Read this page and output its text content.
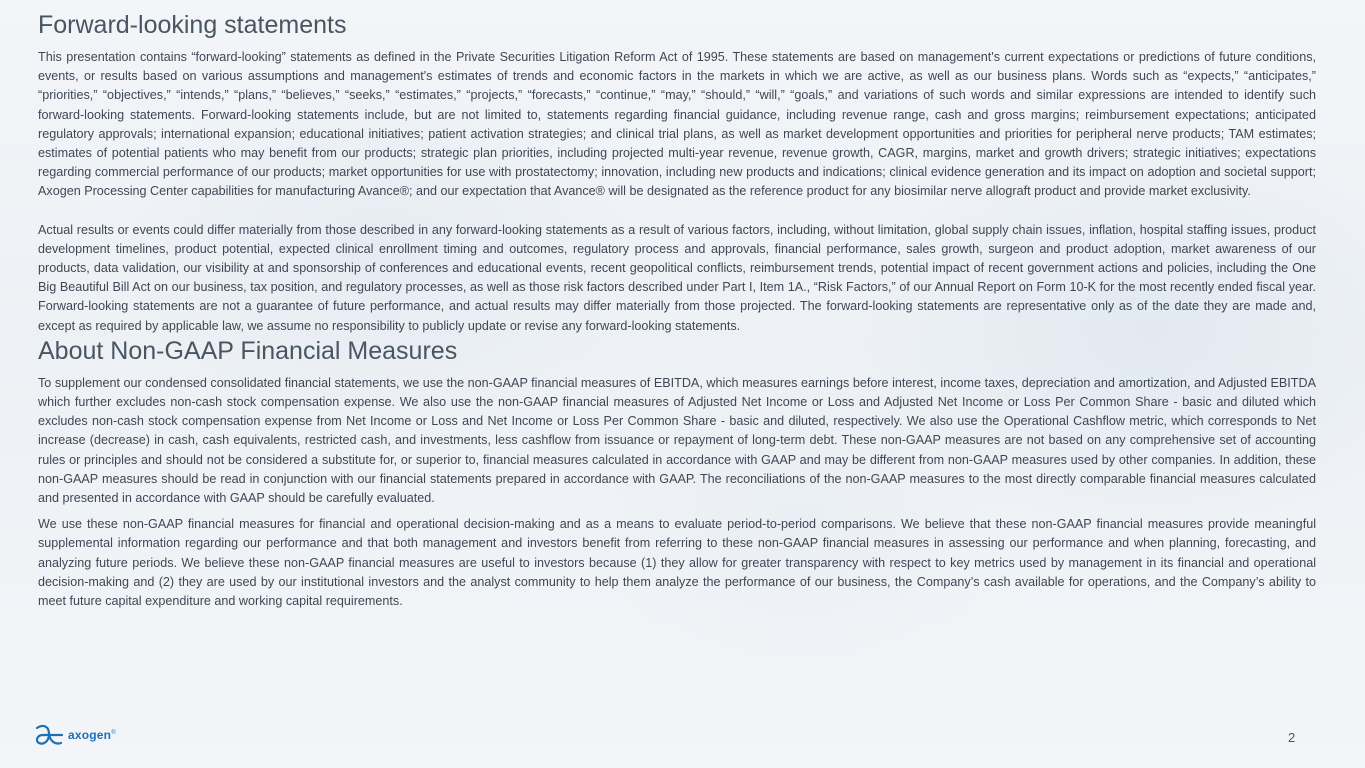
Forward-looking statements

This presentation contains “forward-looking” statements as defined in the Private Securities Litigation Reform Act of 1995. These statements are based on management's current expectations or predictions of future conditions, events, or results based on various assumptions and management's estimates of trends and economic factors in the markets in which we are active, as well as our business plans. Words such as “expects,” “anticipates,” “priorities,” “objectives,” “intends,” “plans,” “believes,” “seeks,” “estimates,” “projects,” “forecasts,” “continue,” “may,” “should,” “will,” “goals,” and variations of such words and similar expressions are intended to identify such forward-looking statements. Forward-looking statements include, but are not limited to, statements regarding financial guidance, including revenue range, cash and gross margins; reimbursement expectations; anticipated regulatory approvals; international expansion; educational initiatives; patient activation strategies; and clinical trial plans, as well as market development opportunities and priorities for peripheral nerve products; TAM estimates; estimates of potential patients who may benefit from our products; strategic plan priorities, including projected multi-year revenue, revenue growth, CAGR, margins, market and growth drivers; strategic initiatives; expectations regarding commercial performance of our products; market opportunities for use with prostatectomy; innovation, including new products and indications; clinical evidence generation and its impact on adoption and societal support; Axogen Processing Center capabilities for manufacturing Avance®; and our expectation that Avance® will be designated as the reference product for any biosimilar nerve allograft product and provide market exclusivity.

Actual results or events could differ materially from those described in any forward-looking statements as a result of various factors, including, without limitation, global supply chain issues, inflation, hospital staffing issues, product development timelines, product potential, expected clinical enrollment timing and outcomes, regulatory process and approvals, financial performance, sales growth, surgeon and product adoption, market awareness of our products, data validation, our visibility at and sponsorship of conferences and educational events, recent geopolitical conflicts, reimbursement trends, potential impact of recent government actions and policies, including the One Big Beautiful Bill Act on our business, tax position, and regulatory processes, as well as those risk factors described under Part I, Item 1A., “Risk Factors,” of our Annual Report on Form 10-K for the most recently ended fiscal year. Forward-looking statements are not a guarantee of future performance, and actual results may differ materially from those projected. The forward-looking statements are representative only as of the date they are made and, except as required by applicable law, we assume no responsibility to publicly update or revise any forward-looking statements.

About Non-GAAP Financial Measures

To supplement our condensed consolidated financial statements, we use the non-GAAP financial measures of EBITDA, which measures earnings before interest, income taxes, depreciation and amortization, and Adjusted EBITDA which further excludes non-cash stock compensation expense. We also use the non-GAAP financial measures of Adjusted Net Income or Loss and Adjusted Net Income or Loss Per Common Share - basic and diluted which excludes non-cash stock compensation expense from Net Income or Loss and Net Income or Loss Per Common Share - basic and diluted, respectively. We also use the Operational Cashflow metric, which corresponds to Net increase (decrease) in cash, cash equivalents, restricted cash, and investments, less cashflow from issuance or repayment of long-term debt. These non-GAAP measures are not based on any comprehensive set of accounting rules or principles and should not be considered a substitute for, or superior to, financial measures calculated in accordance with GAAP and may be different from non-GAAP measures used by other companies. In addition, these non-GAAP measures should be read in conjunction with our financial statements prepared in accordance with GAAP. The reconciliations of the non-GAAP measures to the most directly comparable financial measures calculated and presented in accordance with GAAP should be carefully evaluated.

We use these non-GAAP financial measures for financial and operational decision-making and as a means to evaluate period-to-period comparisons. We believe that these non-GAAP financial measures provide meaningful supplemental information regarding our performance and that both management and investors benefit from referring to these non-GAAP financial measures in assessing our performance and when planning, forecasting, and analyzing future periods. We believe these non-GAAP financial measures are useful to investors because (1) they allow for greater transparency with respect to key metrics used by management in its financial and operational decision-making and (2) they are used by our institutional investors and the analyst community to help them analyze the performance of our business, the Company’s cash available for operations, and the Company’s ability to meet future capital expenditure and working capital requirements.

axogen®	2
